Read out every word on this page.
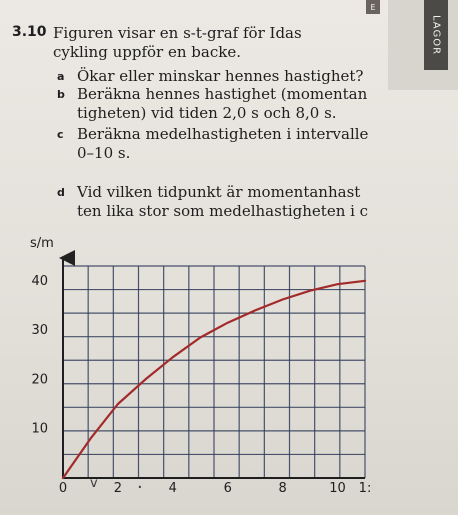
E
LAGOR
3.10 Figuren visar en s-t-graf för Idas cykling uppför en backe.
a Ökar eller minskar hennes hastighet?
b Beräkna hennes hastighet (momentan tigheten) vid tiden 2,0 s och 8,0 s.
c Beräkna medelhastigheten i intervalle 0–10 s.
d Vid vilken tidpunkt är momentanhast ten lika stor som medelhastigheten i c
s/m
v .
10
20
30
40
0	2	4	6	8	10 1:
